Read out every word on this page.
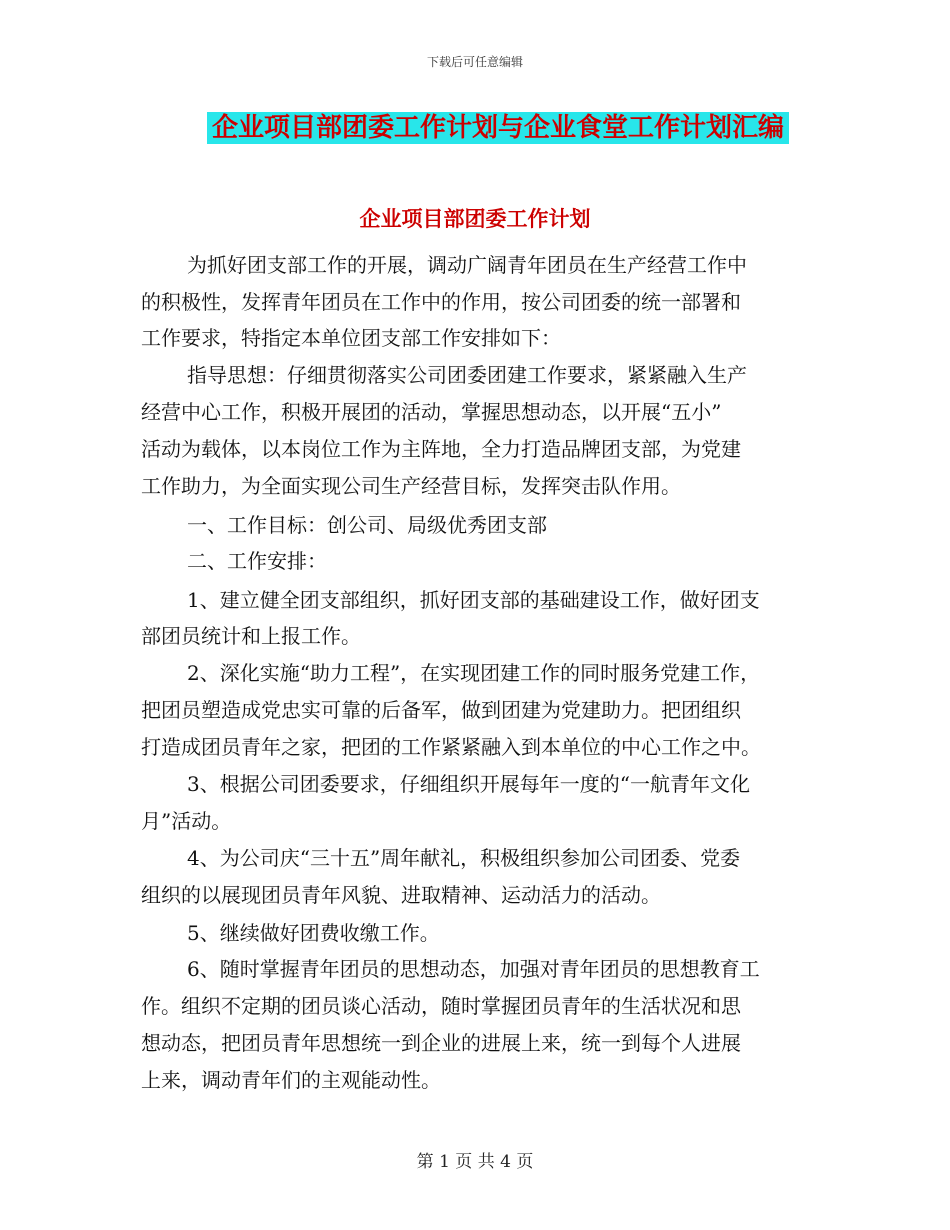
下载后可任意编辑
企业项目部团委工作计划与企业食堂工作计划汇编
企业项目部团委工作计划
为抓好团支部工作的开展，调动广阔青年团员在生产经营工作中
的积极性，发挥青年团员在工作中的作用，按公司团委的统一部署和
工作要求，特指定本单位团支部工作安排如下：
指导思想：仔细贯彻落实公司团委团建工作要求，紧紧融入生产
经营中心工作，积极开展团的活动，掌握思想动态，以开展“五小”
活动为载体，以本岗位工作为主阵地，全力打造品牌团支部，为党建
工作助力，为全面实现公司生产经营目标，发挥突击队作用。
一、工作目标：创公司、局级优秀团支部
二、工作安排：
1、建立健全团支部组织，抓好团支部的基础建设工作，做好团支
部团员统计和上报工作。
2、深化实施“助力工程”，在实现团建工作的同时服务党建工作，
把团员塑造成党忠实可靠的后备军，做到团建为党建助力。把团组织
打造成团员青年之家，把团的工作紧紧融入到本单位的中心工作之中。
3、根据公司团委要求，仔细组织开展每年一度的“一航青年文化
月”活动。
4、为公司庆“三十五”周年献礼，积极组织参加公司团委、党委
组织的以展现团员青年风貌、进取精神、运动活力的活动。
5、继续做好团费收缴工作。
6、随时掌握青年团员的思想动态，加强对青年团员的思想教育工
作。组织不定期的团员谈心活动，随时掌握团员青年的生活状况和思
想动态，把团员青年思想统一到企业的进展上来，统一到每个人进展
上来，调动青年们的主观能动性。
第 1 页 共 4 页
